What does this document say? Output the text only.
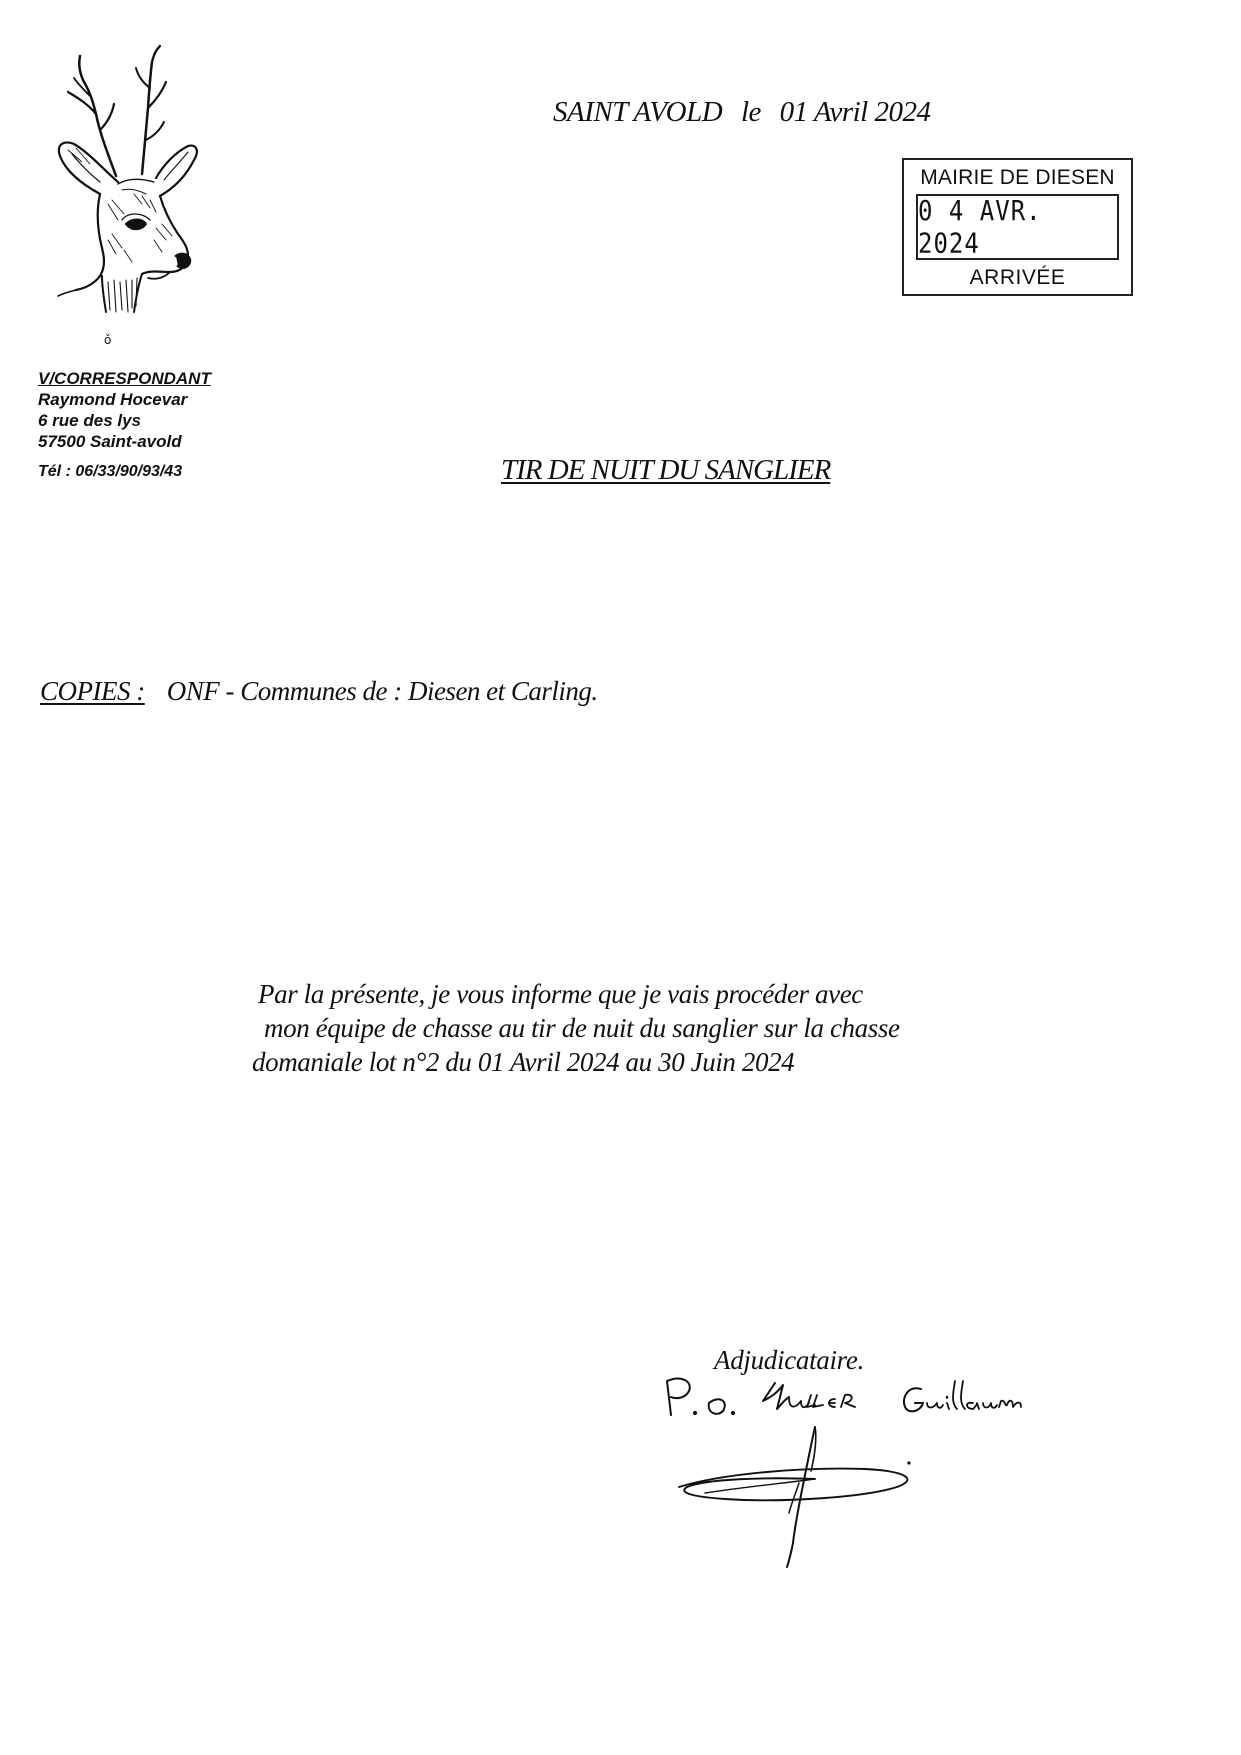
SAINT AVOLD le 01 Avril 2024
MAIRIE DE DIESEN
0 4 AVR. 2024
ARRIVÉE
ǒ
V/CORRESPONDANT
Raymond Hocevar
6 rue des lys
57500 Saint-avold
Tél : 06/33/90/93/43	TIR DE NUIT DU SANGLIER
COPIES : ONF - Communes de : Diesen et Carling.
Par la présente, je vous informe que je vais procéder avec
mon équipe de chasse au tir de nuit du sanglier sur la chasse
domaniale lot n°2 du 01 Avril 2024 au 30 Juin 2024
Adjudicataire.
